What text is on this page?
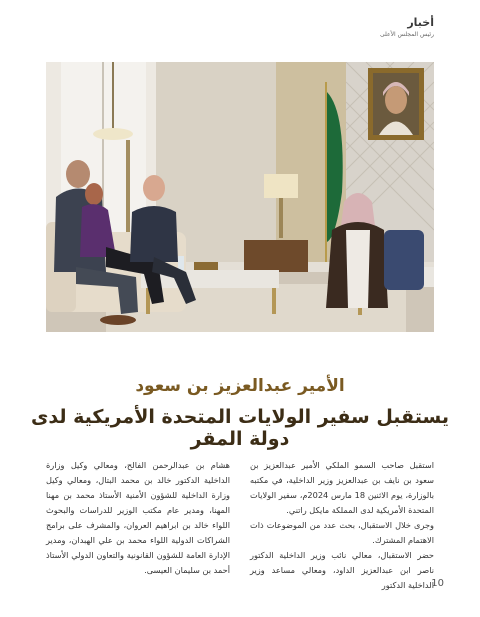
أخبار
رئيس المجلس الأعلى
الأمير عبدالعزيز بن سعود
يستقبل سفير الولايات المتحدة الأمريكية لدى دولة المقر

استقبل صاحب السمو الملكي الأمير عبدالعزيز بن سعود بن نايف بن عبدالعزيز وزير الداخلية، في مكتبه بالوزارة، يوم الاثنين 18 مارس 2024م، سفير الولايات المتحدة الأمريكية لدى المملكة مايكل راتني.

وجرى خلال الاستقبال، بحث عدد من الموضوعات ذات الاهتمام المشترك.

حضر الاستقبال، معالي نائب وزير الداخلية الدكتور ناصر ابن عبدالعزيز الداود، ومعالي مساعد وزير الداخلية الدكتور

هشام بن عبدالرحمن الفالح، ومعالي وكيل وزارة الداخلية الدكتور خالد بن محمد البتال، ومعالي وكيل وزارة الداخلية للشؤون الأمنية الأستاذ محمد بن مهنا المهنا، ومدير عام مكتب الوزير للدراسات والبحوث اللواء خالد بن ابراهيم العروان، والمشرف على برامج الشراكات الدولية اللواء محمد بن علي الهبدان، ومدير الإدارة العامة للشؤون القانونية والتعاون الدولي الأستاذ أحمد بن سليمان العيسى.

10
